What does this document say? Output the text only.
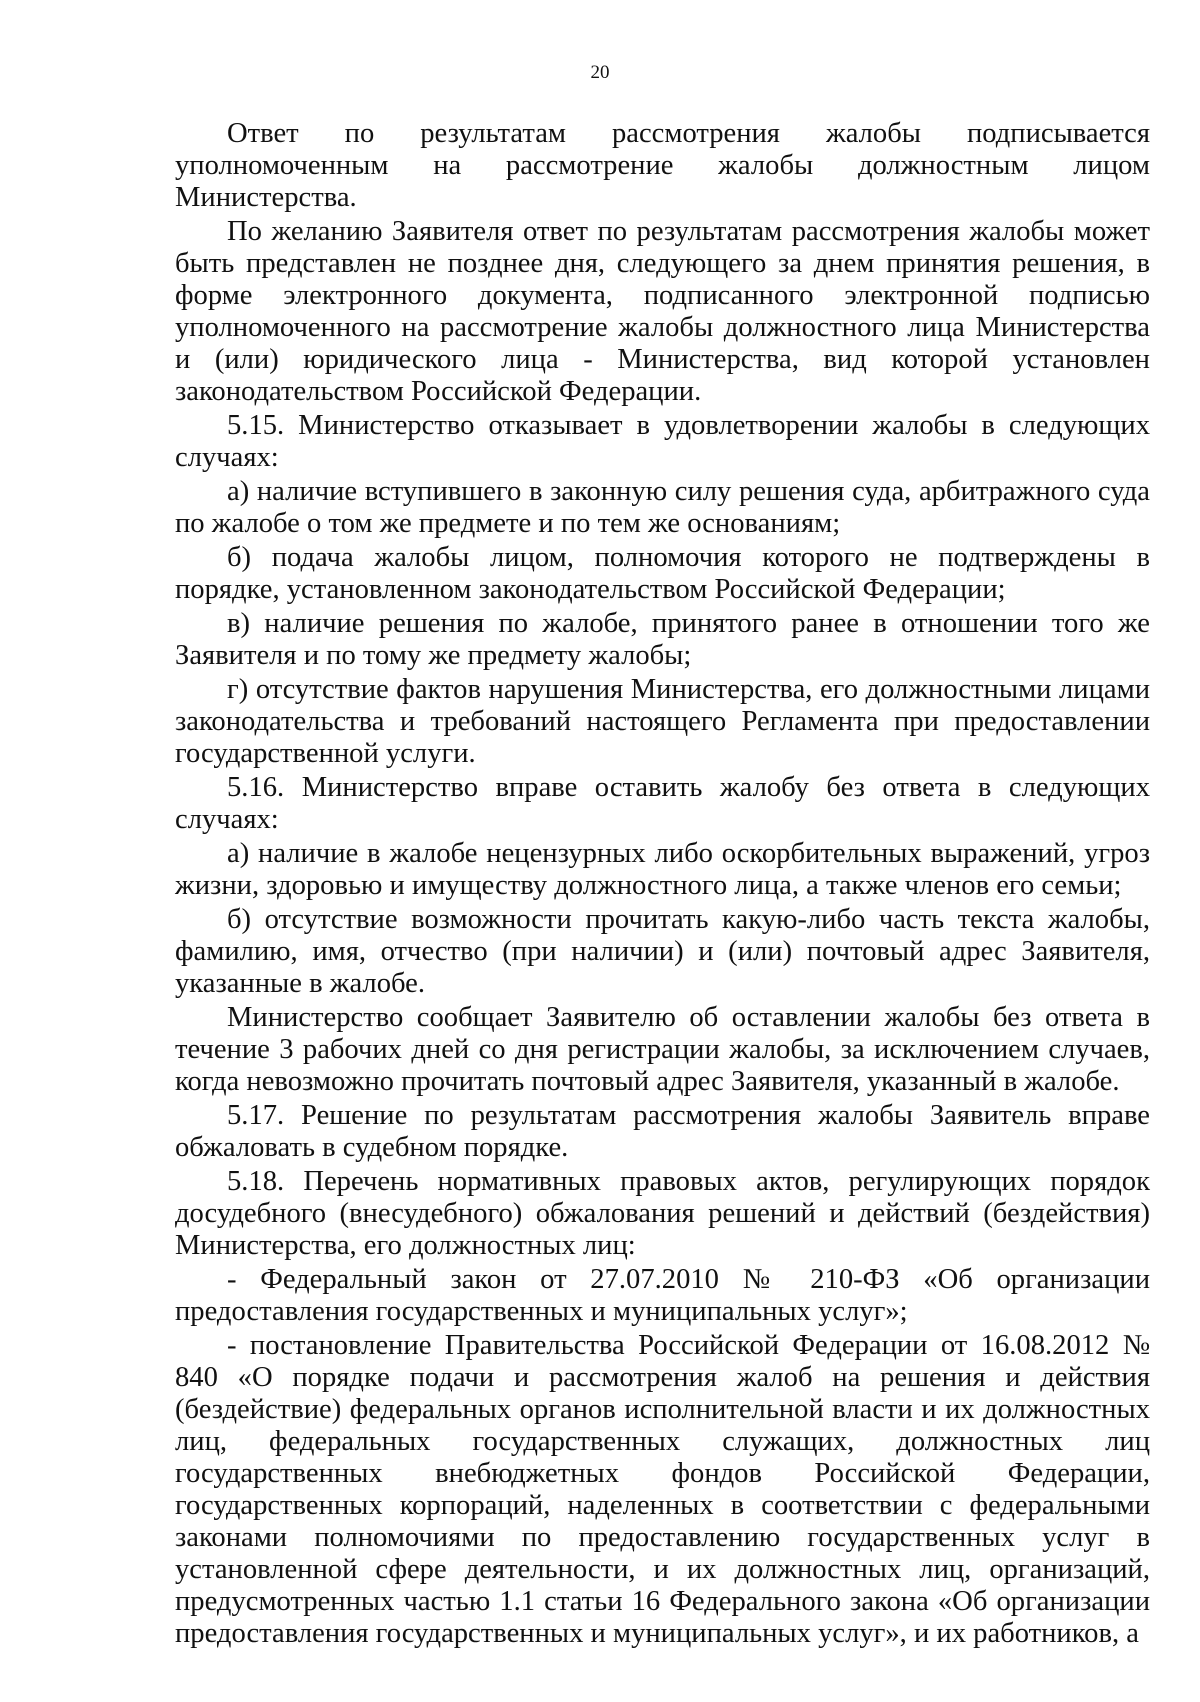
20

Ответ по результатам рассмотрения жалобы подписывается уполномоченным на рассмотрение жалобы должностным лицом Министерства.

По желанию Заявителя ответ по результатам рассмотрения жалобы может быть представлен не позднее дня, следующего за днем принятия решения, в форме электронного документа, подписанного электронной подписью уполномоченного на рассмотрение жалобы должностного лица Министерства и (или) юридического лица - Министерства, вид которой установлен законодательством Российской Федерации.

5.15. Министерство отказывает в удовлетворении жалобы в следующих случаях:

а) наличие вступившего в законную силу решения суда, арбитражного суда по жалобе о том же предмете и по тем же основаниям;

б) подача жалобы лицом, полномочия которого не подтверждены в порядке, установленном законодательством Российской Федерации;

в) наличие решения по жалобе, принятого ранее в отношении того же Заявителя и по тому же предмету жалобы;

г) отсутствие фактов нарушения Министерства, его должностными лицами законодательства и требований настоящего Регламента при предоставлении государственной услуги.

5.16. Министерство вправе оставить жалобу без ответа в следующих случаях:

а) наличие в жалобе нецензурных либо оскорбительных выражений, угроз жизни, здоровью и имуществу должностного лица, а также членов его семьи;

б) отсутствие возможности прочитать какую-либо часть текста жалобы, фамилию, имя, отчество (при наличии) и (или) почтовый адрес Заявителя, указанные в жалобе.

Министерство сообщает Заявителю об оставлении жалобы без ответа в течение 3 рабочих дней со дня регистрации жалобы, за исключением случаев, когда невозможно прочитать почтовый адрес Заявителя, указанный в жалобе.

5.17. Решение по результатам рассмотрения жалобы Заявитель вправе обжаловать в судебном порядке.

5.18. Перечень нормативных правовых актов, регулирующих порядок досудебного (внесудебного) обжалования решений и действий (бездействия) Министерства, его должностных лиц:

- Федеральный закон от 27.07.2010 № 210-ФЗ «Об организации предоставления государственных и муниципальных услуг»;

- постановление Правительства Российской Федерации от 16.08.2012 № 840 «О порядке подачи и рассмотрения жалоб на решения и действия (бездействие) федеральных органов исполнительной власти и их должностных лиц, федеральных государственных служащих, должностных лиц государственных внебюджетных фондов Российской Федерации, государственных корпораций, наделенных в соответствии с федеральными законами полномочиями по предоставлению государственных услуг в установленной сфере деятельности, и их должностных лиц, организаций, предусмотренных частью 1.1 статьи 16 Федерального закона «Об организации предоставления государственных и муниципальных услуг», и их работников, а
